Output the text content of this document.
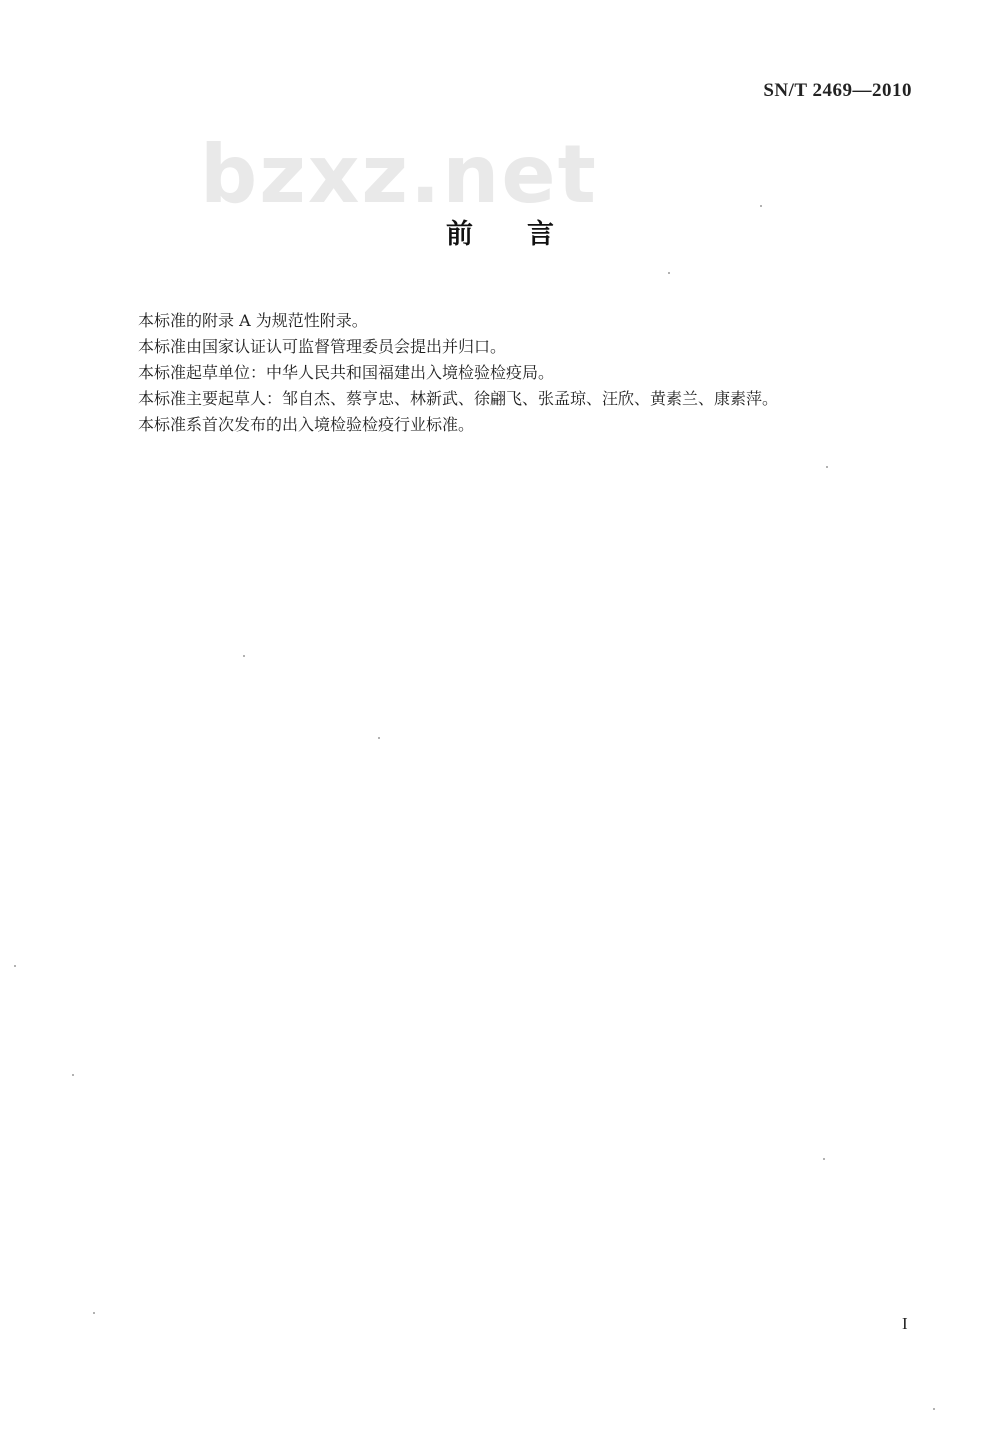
SN/T 2469—2010
bzxz.net
前言
本标准的附录 A 为规范性附录。
本标准由国家认证认可监督管理委员会提出并归口。
本标准起草单位：中华人民共和国福建出入境检验检疫局。
本标准主要起草人：邹自杰、蔡亨忠、林新武、徐翩飞、张孟琼、汪欣、黄素兰、康素萍。
本标准系首次发布的出入境检验检疫行业标准。
I
